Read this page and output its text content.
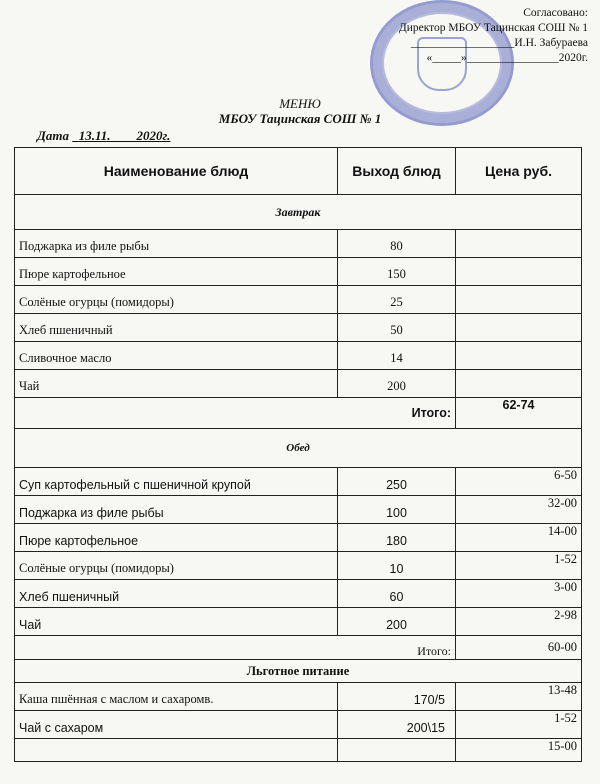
Согласовано:
Директор МБОУ Тацинская СОШ № 1
__________________И.Н. Забураева
«_____»________________2020г.
МЕНЮ
МБОУ Тацинская СОШ № 1
Дата 13.11. 2020г.
Наименование блюд	Выход блюд	Цена руб.
Завтрак		
Поджарка из филе рыбы	80	
Пюре картофельное	150	
Солёные огурцы (помидоры)	25	
Хлеб пшеничный	50	
Сливочное масло	14	
Чай	200	
Итого:		62-74
Обед		
Суп картофельный с пшеничной крупой	250	6-50
Поджарка из филе рыбы	100	32-00
Пюре картофельное	180	14-00
Солёные огурцы (помидоры)	10	1-52
Хлеб пшеничный	60	3-00
Чай	200	2-98
Итого:		60-00
Льготное питание		
Каша пшённая с маслом и сахаромв.	170/5	13-48
Чай с сахаром	200\15	1-52
		15-00
